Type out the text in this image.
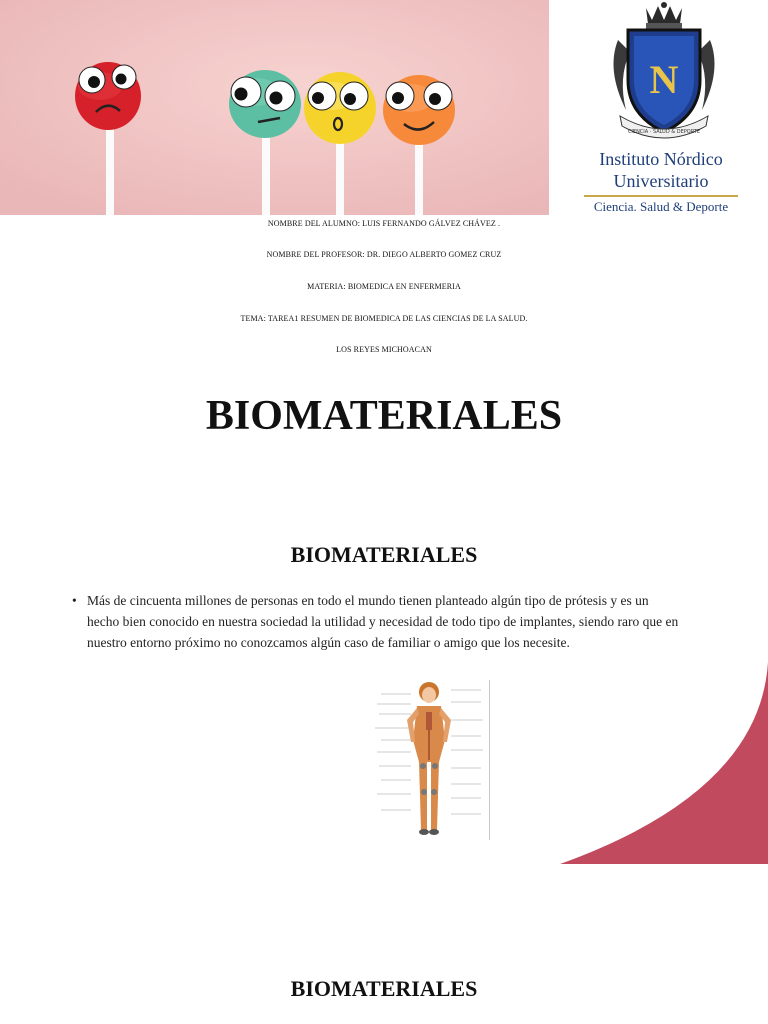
N
CIENCIA · SALUD & DEPORTE
Instituto Nórdico
Universitario
Ciencia. Salud & Deporte
NOMBRE DEL ALUMNO: LUIS FERNANDO GÁLVEZ CHÁVEZ .
NOMBRE DEL PROFESOR: DR. DIEGO ALBERTO GOMEZ CRUZ
MATERIA: BIOMEDICA EN ENFERMERIA
TEMA: TAREA1 RESUMEN DE BIOMEDICA DE LAS CIENCIAS DE LA SALUD.
LOS REYES MICHOACAN
BIOMATERIALES
BIOMATERIALES
• Más de cincuenta millones de personas en todo el mundo tienen planteado algún tipo de prótesis y es un hecho bien conocido en nuestra sociedad la utilidad y necesidad de todo tipo de implantes, siendo raro que en nuestro entorno próximo no conozcamos algún caso de familiar o amigo que los necesite.
BIOMATERIALES
